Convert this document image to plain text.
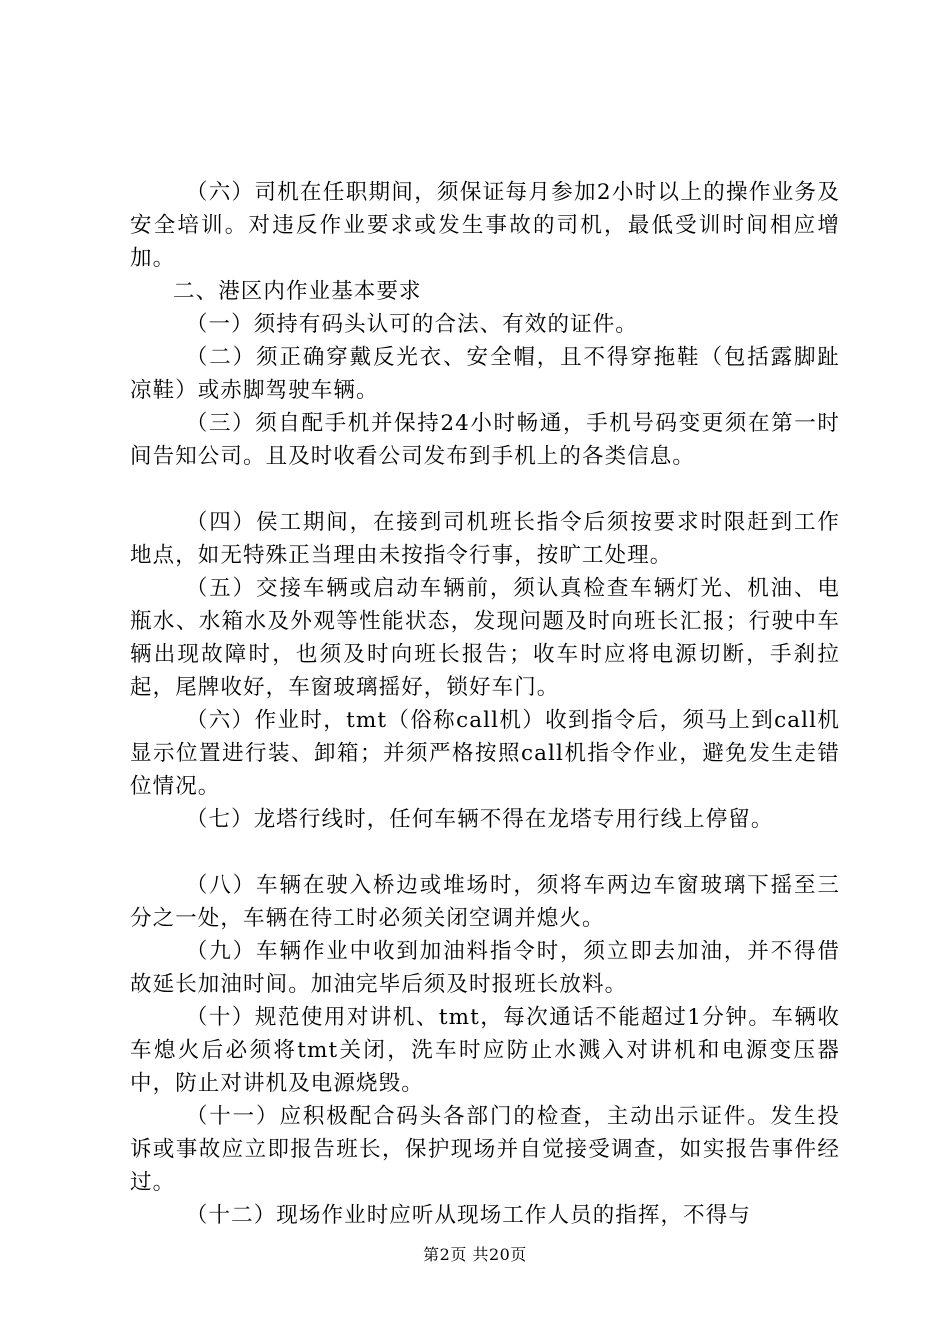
（六）司机在任职期间，须保证每月参加2小时以上的操作业务及安全培训。对违反作业要求或发生事故的司机，最低受训时间相应增加。

二、港区内作业基本要求

（一）须持有码头认可的合法、有效的证件。

（二）须正确穿戴反光衣、安全帽，且不得穿拖鞋（包括露脚趾凉鞋）或赤脚驾驶车辆。

（三）须自配手机并保持24小时畅通，手机号码变更须在第一时间告知公司。且及时收看公司发布到手机上的各类信息。

（四）侯工期间，在接到司机班长指令后须按要求时限赶到工作地点，如无特殊正当理由未按指令行事，按旷工处理。

（五）交接车辆或启动车辆前，须认真检查车辆灯光、机油、电瓶水、水箱水及外观等性能状态，发现问题及时向班长汇报；行驶中车辆出现故障时，也须及时向班长报告；收车时应将电源切断，手刹拉起，尾牌收好，车窗玻璃摇好，锁好车门。

（六）作业时，tmt（俗称call机）收到指令后，须马上到call机显示位置进行装、卸箱；并须严格按照call机指令作业，避免发生走错位情况。

（七）龙塔行线时，任何车辆不得在龙塔专用行线上停留。

（八）车辆在驶入桥边或堆场时，须将车两边车窗玻璃下摇至三分之一处，车辆在待工时必须关闭空调并熄火。

（九）车辆作业中收到加油料指令时，须立即去加油，并不得借故延长加油时间。加油完毕后须及时报班长放料。

（十）规范使用对讲机、tmt，每次通话不能超过1分钟。车辆收车熄火后必须将tmt关闭，洗车时应防止水溅入对讲机和电源变压器中，防止对讲机及电源烧毁。

（十一）应积极配合码头各部门的检查，主动出示证件。发生投诉或事故应立即报告班长，保护现场并自觉接受调查，如实报告事件经过。

（十二）现场作业时应听从现场工作人员的指挥，不得与

第2页 共20页
